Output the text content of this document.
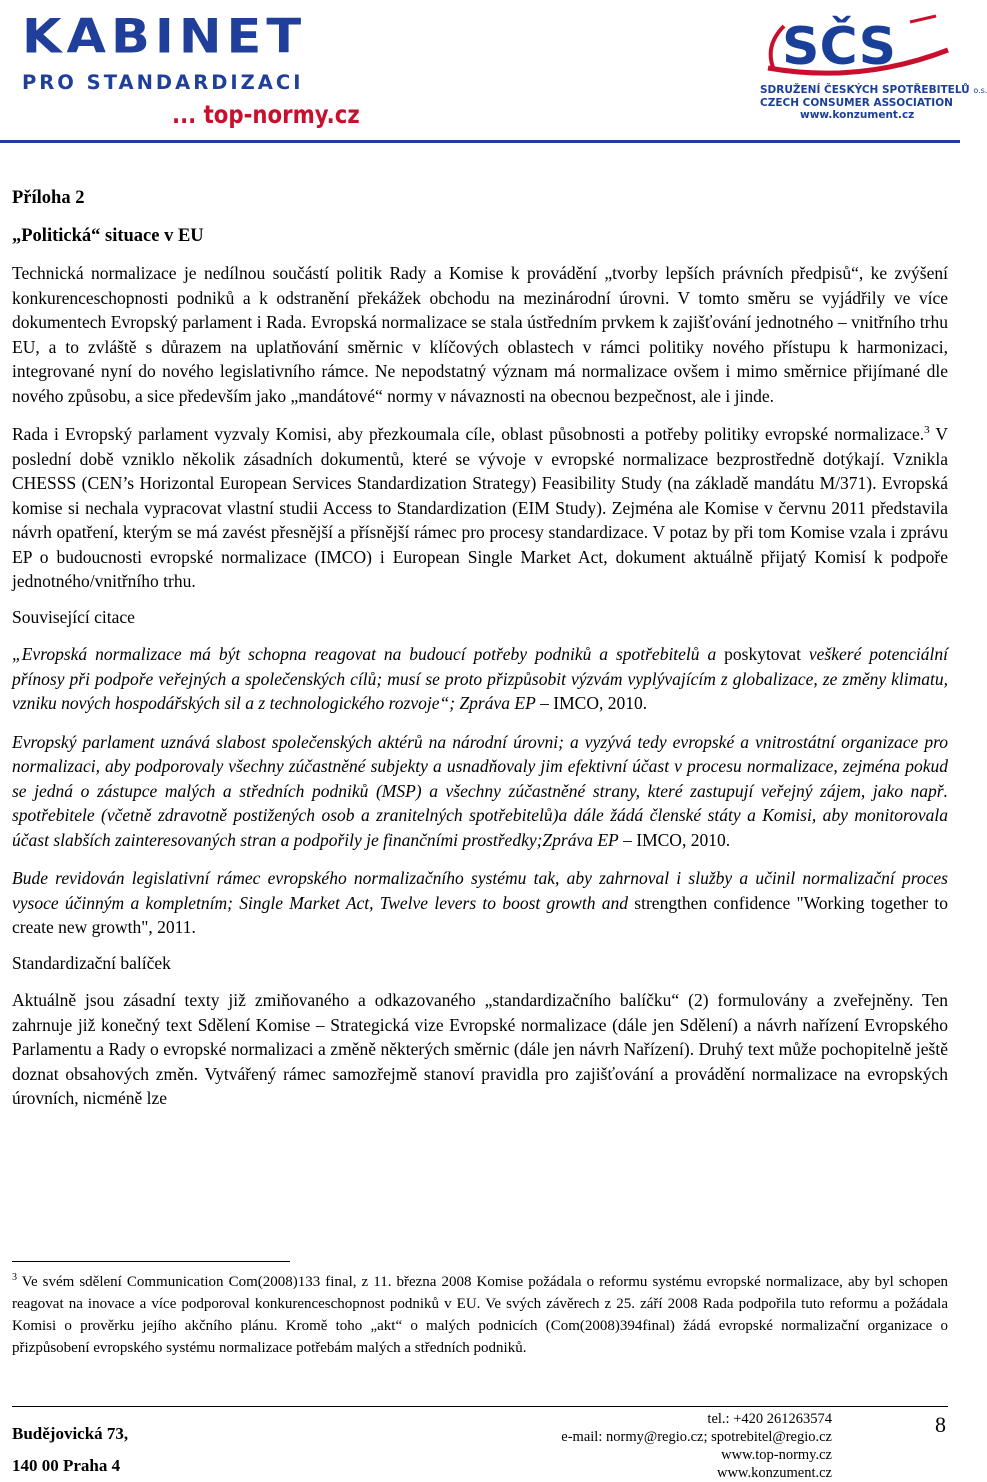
KABINET
PRO STANDARDIZACI
... top-normy.cz
SČS
SDRUŽENÍ ČESKÝCH SPOTŘEBITELŮ o.s.
CZECH CONSUMER ASSOCIATION
www.konzument.cz

Příloha 2

„Politická“ situace v EU

Technická normalizace je nedílnou součástí politik Rady a Komise k provádění „tvorby lepších právních předpisů“, ke zvýšení konkurenceschopnosti podniků a k odstranění překážek obchodu na mezinárodní úrovni. V tomto směru se vyjádřily ve více dokumentech Evropský parlament i Rada. Evropská normalizace se stala ústředním prvkem k zajišťování jednotného – vnitřního trhu EU, a to zvláště s důrazem na uplatňování směrnic v klíčových oblastech v rámci politiky nového přístupu k harmonizaci, integrované nyní do nového legislativního rámce. Ne nepodstatný význam má normalizace ovšem i mimo směrnice přijímané dle nového způsobu, a sice především jako „mandátové“ normy v návaznosti na obecnou bezpečnost, ale i jinde.

Rada i Evropský parlament vyzvaly Komisi, aby přezkoumala cíle, oblast působnosti a potřeby politiky evropské normalizace.$^3$ V poslední době vzniklo několik zásadních dokumentů, které se vývoje v evropské normalizace bezprostředně dotýkají. Vznikla CHESSS (CEN’s Horizontal European Services Standardization Strategy) Feasibility Study (na základě mandátu M/371). Evropská komise si nechala vypracovat vlastní studii Access to Standardization (EIM Study). Zejména ale Komise v červnu 2011 představila návrh opatření, kterým se má zavést přesnější a přísnější rámec pro procesy standardizace. V potaz by při tom Komise vzala i zprávu EP o budoucnosti evropské normalizace (IMCO) i European Single Market Act, dokument aktuálně přijatý Komisí k podpoře jednotného/vnitřního trhu.

Související citace

„Evropská normalizace má být schopna reagovat na budoucí potřeby podniků a spotřebitelů a poskytovat veškeré potenciální přínosy při podpoře veřejných a společenských cílů; musí se proto přizpůsobit výzvám vyplývajícím z globalizace, ze změny klimatu, vzniku nových hospodářských sil a z technologického rozvoje“; Zpráva EP – IMCO, 2010.

Evropský parlament uznává slabost společenských aktérů na národní úrovni; a vyzývá tedy evropské a vnitrostátní organizace pro normalizaci, aby podporovaly všechny zúčastněné subjekty a usnadňovaly jim efektivní účast v procesu normalizace, zejména pokud se jedná o zástupce malých a středních podniků (MSP) a všechny zúčastněné strany, které zastupují veřejný zájem, jako např. spotřebitele (včetně zdravotně postižených osob a zranitelných spotřebitelů)a dále žádá členské státy a Komisi, aby monitorovala účast slabších zainteresovaných stran a podpořily je finančními prostředky;Zpráva EP – IMCO, 2010.

Bude revidován legislativní rámec evropského normalizačního systému tak, aby zahrnoval i služby a učinil normalizační proces vysoce účinným a kompletním; Single Market Act, Twelve levers to boost growth and strengthen confidence "Working together to create new growth", 2011.

Standardizační balíček

Aktuálně jsou zásadní texty již zmiňovaného a odkazovaného „standardizačního balíčku“ (2) formulovány a zveřejněny. Ten zahrnuje již konečný text Sdělení Komise – Strategická vize Evropské normalizace (dále jen Sdělení) a návrh nařízení Evropského Parlamentu a Rady o evropské normalizaci a změně některých směrnic (dále jen návrh Nařízení). Druhý text může pochopitelně ještě doznat obsahových změn. Vytvářený rámec samozřejmě stanoví pravidla pro zajišťování a provádění normalizace na evropských úrovních, nicméně lze

$^3$ Ve svém sdělení Communication Com(2008)133 final, z 11. března 2008 Komise požádala o reformu systému evropské normalizace, aby byl schopen reagovat na inovace a více podporoval konkurenceschopnost podniků v EU. Ve svých závěrech z 25. září 2008 Rada podpořila tuto reformu a požádala Komisi o prověrku jejího akčního plánu. Kromě toho „akt“ o malých podnicích (Com(2008)394final) žádá evropské normalizační organizace o přizpůsobení evropského systému normalizace potřebám malých a středních podniků.
Budějovická 73,
140 00 Praha 4
tel.: +420 261263574
e-mail: normy@regio.cz; spotrebitel@regio.cz
www.top-normy.cz
www.konzument.cz
8
